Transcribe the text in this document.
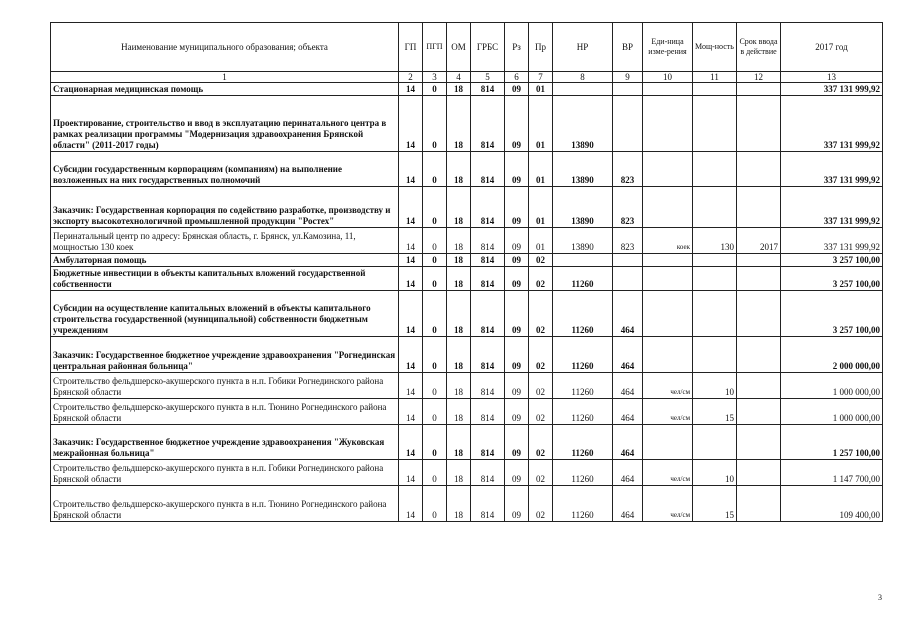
Наименование муниципального образования; объекта	ГП	ПГП	ОМ	ГРБС	Рз	Пр	НР	ВР	Еди-ница изме-рения	Мощ-ность	Срок ввода в действие	2017 год
1	2	3	4	5	6	7	8	9	10	11	12	13
Стационарная медицинская помощь	14	0	18	814	09	01						337 131 999,92
Проектирование, строительство и ввод в эксплуатацию перинатального центра в рамках реализации программы "Модернизация здравоохранения Брянской области" (2011-2017 годы)	14	0	18	814	09	01	13890					337 131 999,92
Субсидии государственным корпорациям (компаниям) на выполнение возложенных на них государственных полномочий	14	0	18	814	09	01	13890	823				337 131 999,92
Заказчик: Государственная корпорация по содействию разработке, производству и экспорту высокотехнологичной промышленной продукции "Ростех"	14	0	18	814	09	01	13890	823				337 131 999,92
Перинатальный центр по адресу: Брянская область, г. Брянск, ул.Камозина, 11, мощностью 130 коек	14	0	18	814	09	01	13890	823	коек	130	2017	337 131 999,92
Амбулаторная помощь	14	0	18	814	09	02						3 257 100,00
Бюджетные инвестиции в объекты капитальных вложений государственной собственности	14	0	18	814	09	02	11260					3 257 100,00
Субсидии на осуществление капитальных вложений в объекты капитального строительства государственной (муниципальной) собственности бюджетным учреждениям	14	0	18	814	09	02	11260	464				3 257 100,00
Заказчик: Государственное бюджетное учреждение здравоохранения "Рогнединская центральная районная больница"	14	0	18	814	09	02	11260	464				2 000 000,00
Строительство фельдшерско-акушерского пункта в н.п. Гобики Рогнединского района Брянской области	14	0	18	814	09	02	11260	464	чел/см	10		1 000 000,00
Строительство фельдшерско-акушерского пункта в н.п. Тюнино Рогнединского района Брянской области	14	0	18	814	09	02	11260	464	чел/см	15		1 000 000,00
Заказчик: Государственное бюджетное учреждение здравоохранения "Жуковская межрайонная больница"	14	0	18	814	09	02	11260	464				1 257 100,00
Строительство фельдшерско-акушерского пункта в н.п. Гобики Рогнединского района Брянской области	14	0	18	814	09	02	11260	464	чел/см	10		1 147 700,00
Строительство фельдшерско-акушерского пункта в н.п. Тюнино Рогнединского района Брянской области	14	0	18	814	09	02	11260	464	чел/см	15		109 400,00
3
